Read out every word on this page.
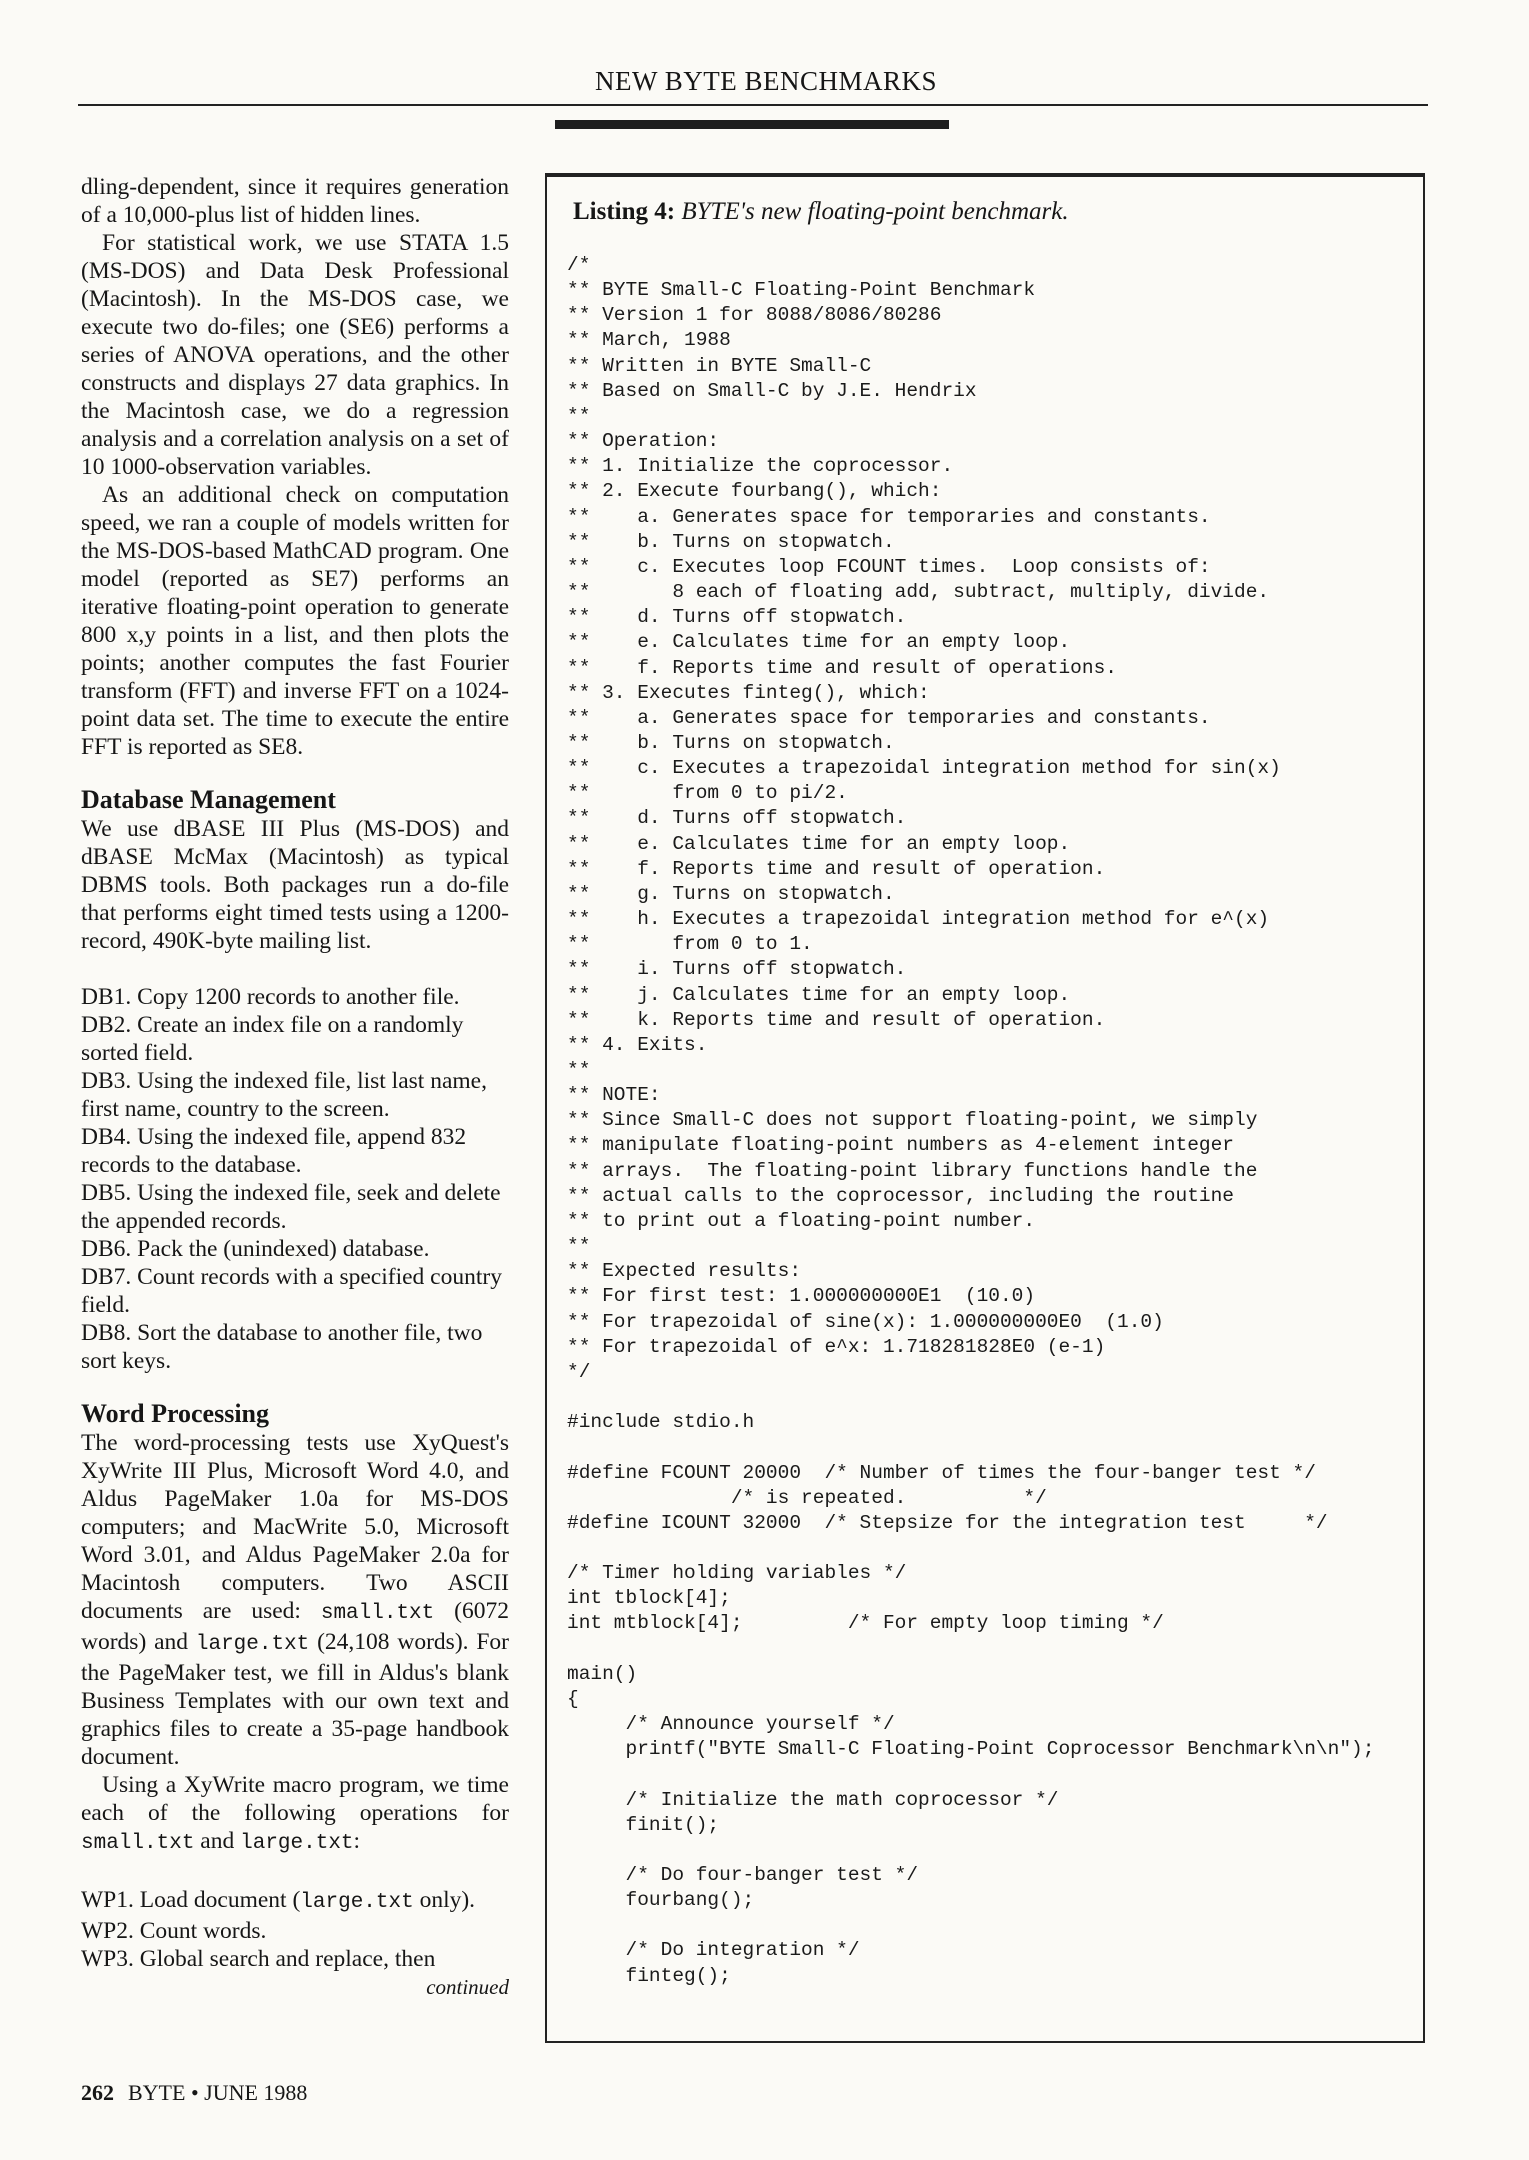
NEW BYTE BENCHMARKS

dling-dependent, since it requires generation of a 10,000-plus list of hidden lines.

For statistical work, we use STATA 1.5 (MS-DOS) and Data Desk Professional (Macintosh). In the MS-DOS case, we execute two do-files; one (SE6) performs a series of ANOVA operations, and the other constructs and displays 27 data graphics. In the Macintosh case, we do a regression analysis and a correlation analysis on a set of 10 1000-observation variables.

As an additional check on computation speed, we ran a couple of models written for the MS-DOS-based MathCAD program. One model (reported as SE7) performs an iterative floating-point operation to generate 800 x,y points in a list, and then plots the points; another computes the fast Fourier transform (FFT) and inverse FFT on a 1024-point data set. The time to execute the entire FFT is reported as SE8.

Database Management

We use dBASE III Plus (MS-DOS) and dBASE McMax (Macintosh) as typical DBMS tools. Both packages run a do-file that performs eight timed tests using a 1200-record, 490K-byte mailing list.

DB1. Copy 1200 records to another file.

DB2. Create an index file on a randomly sorted field.

DB3. Using the indexed file, list last name, first name, country to the screen.

DB4. Using the indexed file, append 832 records to the database.

DB5. Using the indexed file, seek and delete the appended records.

DB6. Pack the (unindexed) database.

DB7. Count records with a specified country field.

DB8. Sort the database to another file, two sort keys.

Word Processing

The word-processing tests use XyQuest's XyWrite III Plus, Microsoft Word 4.0, and Aldus PageMaker 1.0a for MS-DOS computers; and MacWrite 5.0, Microsoft Word 3.01, and Aldus PageMaker 2.0a for Macintosh computers. Two ASCII documents are used: small.txt (6072 words) and large.txt (24,108 words). For the PageMaker test, we fill in Aldus's blank Business Templates with our own text and graphics files to create a 35-page handbook document.

Using a XyWrite macro program, we time each of the following operations for small.txt and large.txt:

WP1. Load document (large.txt only).

WP2. Count words.

WP3. Global search and replace, then

continued

Listing 4: BYTE's new floating-point benchmark.
/*
** BYTE Small-C Floating-Point Benchmark
** Version 1 for 8088/8086/80286
** March, 1988
** Written in BYTE Small-C
** Based on Small-C by J.E. Hendrix
**
** Operation:
** 1. Initialize the coprocessor.
** 2. Execute fourbang(), which:
**    a. Generates space for temporaries and constants.
**    b. Turns on stopwatch.
**    c. Executes loop FCOUNT times.  Loop consists of:
**       8 each of floating add, subtract, multiply, divide.
**    d. Turns off stopwatch.
**    e. Calculates time for an empty loop.
**    f. Reports time and result of operations.
** 3. Executes finteg(), which:
**    a. Generates space for temporaries and constants.
**    b. Turns on stopwatch.
**    c. Executes a trapezoidal integration method for sin(x)
**       from 0 to pi/2.
**    d. Turns off stopwatch.
**    e. Calculates time for an empty loop.
**    f. Reports time and result of operation.
**    g. Turns on stopwatch.
**    h. Executes a trapezoidal integration method for e^(x)
**       from 0 to 1.
**    i. Turns off stopwatch.
**    j. Calculates time for an empty loop.
**    k. Reports time and result of operation.
** 4. Exits.
**
** NOTE:
** Since Small-C does not support floating-point, we simply
** manipulate floating-point numbers as 4-element integer
** arrays.  The floating-point library functions handle the
** actual calls to the coprocessor, including the routine
** to print out a floating-point number.
**
** Expected results:
** For first test: 1.000000000E1  (10.0)
** For trapezoidal of sine(x): 1.000000000E0  (1.0)
** For trapezoidal of e^x: 1.718281828E0 (e-1)
*/

#include stdio.h

#define FCOUNT 20000  /* Number of times the four-banger test */
/* is repeated.          */
#define ICOUNT 32000  /* Stepsize for the integration test     */

/* Timer holding variables */
int tblock[4];
int mtblock[4];         /* For empty loop timing */

main()
{
/* Announce yourself */
printf("BYTE Small-C Floating-Point Coprocessor Benchmark\n\n");

/* Initialize the math coprocessor */
finit();

/* Do four-banger test */
fourbang();

/* Do integration */
finteg();
262 BYTE • JUNE 1988
